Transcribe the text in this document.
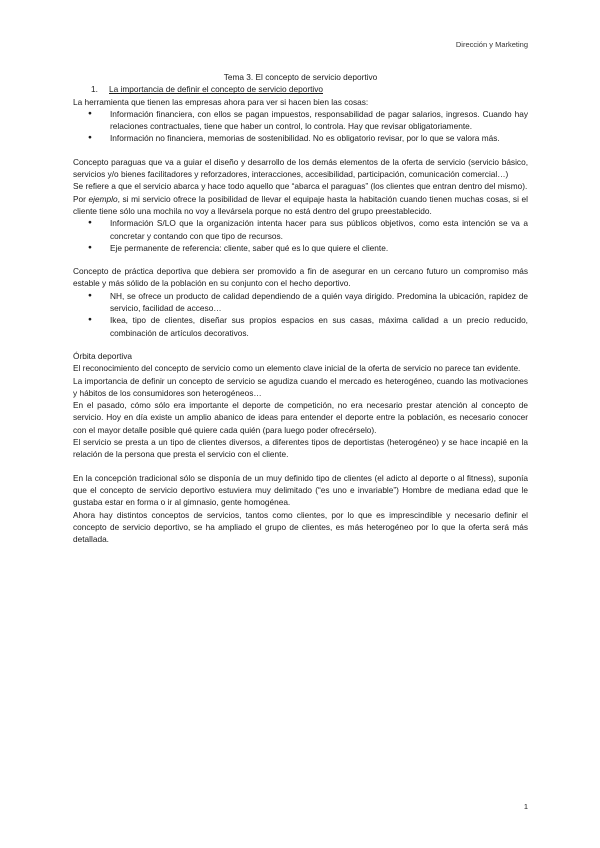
Dirección y Marketing

Tema 3. El concepto de servicio deportivo

1. La importancia de definir el concepto de servicio deportivo

La herramienta que tienen las empresas ahora para ver si hacen bien las cosas:

● Información financiera, con ellos se pagan impuestos, responsabilidad de pagar salarios, ingresos. Cuando hay relaciones contractuales, tiene que haber un control, lo controla. Hay que revisar obligatoriamente.
● Información no financiera, memorias de sostenibilidad. No es obligatorio revisar, por lo que se valora más.

Concepto paraguas que va a guiar el diseño y desarrollo de los demás elementos de la oferta de servicio (servicio básico, servicios y/o bienes facilitadores y reforzadores, interacciones, accesibilidad, participación, comunicación comercial…)

Se refiere a que el servicio abarca y hace todo aquello que “abarca el paraguas” (los clientes que entran dentro del mismo).

Por ejemplo, si mi servicio ofrece la posibilidad de llevar el equipaje hasta la habitación cuando tienen muchas cosas, si el cliente tiene sólo una mochila no voy a llevársela porque no está dentro del grupo preestablecido.

● Información S/LO que la organización intenta hacer para sus públicos objetivos, como esta intención se va a concretar y contando con que tipo de recursos.
● Eje permanente de referencia: cliente, saber qué es lo que quiere el cliente.

Concepto de práctica deportiva que debiera ser promovido a fin de asegurar en un cercano futuro un compromiso más estable y más sólido de la población en su conjunto con el hecho deportivo.

● NH, se ofrece un producto de calidad dependiendo de a quién vaya dirigido. Predomina la ubicación, rapidez de servicio, facilidad de acceso…
● Ikea, tipo de clientes, diseñar sus propios espacios en sus casas, máxima calidad a un precio reducido, combinación de artículos decorativos.

Órbita deportiva

El reconocimiento del concepto de servicio como un elemento clave inicial de la oferta de servicio no parece tan evidente.

La importancia de definir un concepto de servicio se agudiza cuando el mercado es heterogéneo, cuando las motivaciones y hábitos de los consumidores son heterogéneos…

En el pasado, cómo sólo era importante el deporte de competición, no era necesario prestar atención al concepto de servicio. Hoy en día existe un amplio abanico de ideas para entender el deporte entre la población, es necesario conocer con el mayor detalle posible qué quiere cada quién (para luego poder ofrecérselo).

El servicio se presta a un tipo de clientes diversos, a diferentes tipos de deportistas (heterogéneo) y se hace incapié en la relación de la persona que presta el servicio con el cliente.

En la concepción tradicional sólo se disponía de un muy definido tipo de clientes (el adicto al deporte o al fitness), suponía que el concepto de servicio deportivo estuviera muy delimitado (“es uno e invariable”) Hombre de mediana edad que le gustaba estar en forma o ir al gimnasio, gente homogénea.

Ahora hay distintos conceptos de servicios, tantos como clientes, por lo que es imprescindible y necesario definir el concepto de servicio deportivo, se ha ampliado el grupo de clientes, es más heterogéneo por lo que la oferta será más detallada.

1
